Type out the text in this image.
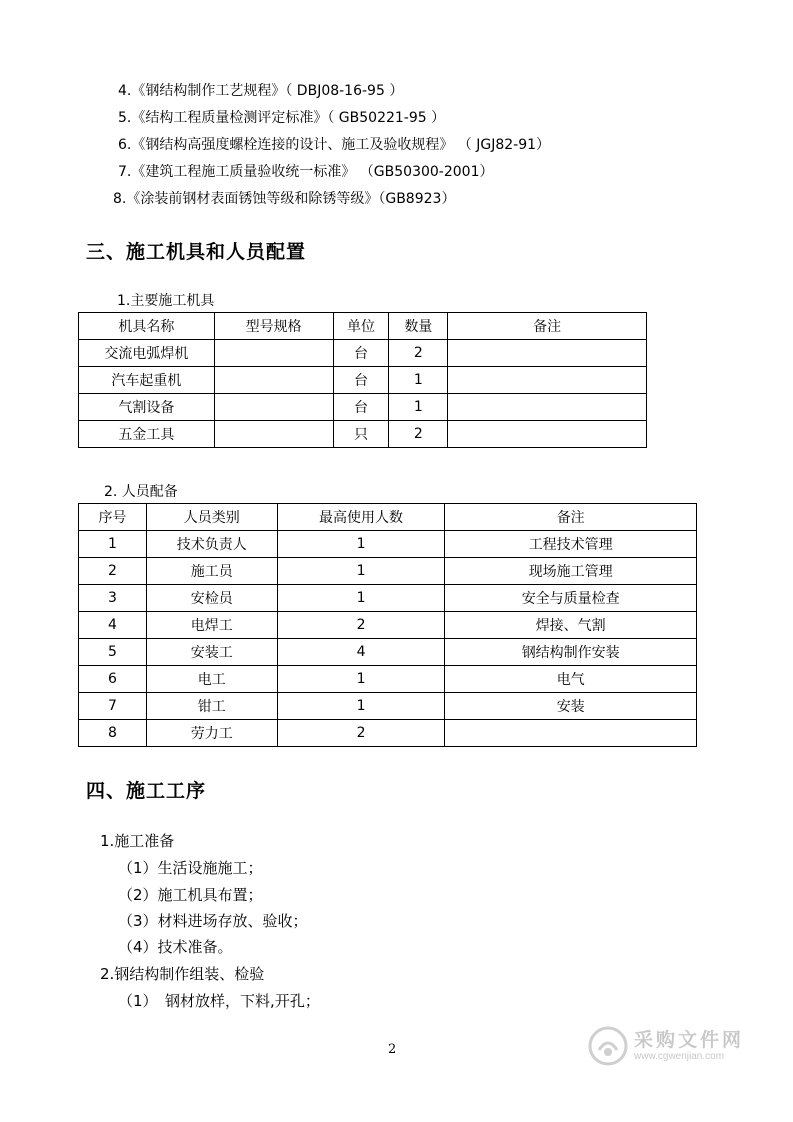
4.《钢结构制作工艺规程》（ DBJ08-16-95 ）
5.《结构工程质量检测评定标准》（ GB50221-95 ）
6.《钢结构高强度螺栓连接的设计、施工及验收规程》 （ JGJ82-91）
7.《建筑工程施工质量验收统一标准》 （GB50300-2001）
8.《涂装前钢材表面锈蚀等级和除锈等级》（GB8923）
三、施工机具和人员配置
1.主要施工机具
机具名称	型号规格	单位	数量	备注
交流电弧焊机		台	2	
汽车起重机		台	1	
气割设备		台	1	
五金工具		只	2	
2. 人员配备
序号	人员类别	最高使用人数	备注
1	技术负责人	1	工程技术管理
2	施工员	1	现场施工管理
3	安检员	1	安全与质量检查
4	电焊工	2	焊接、气割
5	安装工	4	钢结构制作安装
6	电工	1	电气
7	钳工	1	安装
8	劳力工	2	
四、施工工序
1.施工准备
（1）生活设施施工；
（2）施工机具布置；
（3）材料进场存放、验收；
（4）技术准备。
2.钢结构制作组装、检验
（1）　钢材放样，下料,开孔；
2	采购文件网
www.cgwenjian.com
